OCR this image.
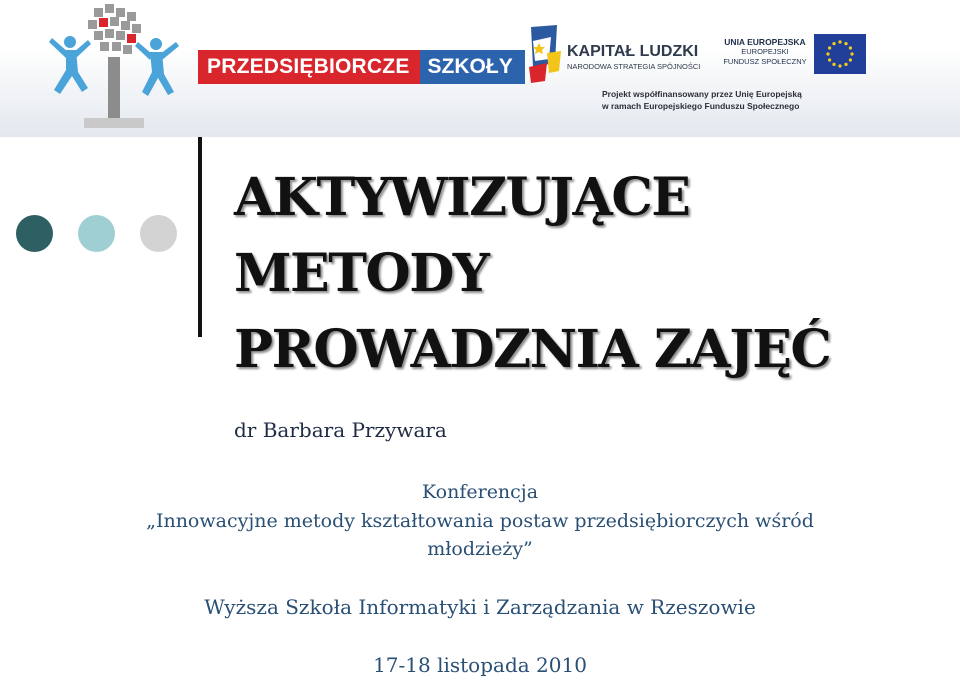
PRZEDSIĘBIORCZE SZKOŁY
KAPITAŁ LUDZKI
NARODOWA STRATEGIA SPÓJNOŚCI
UNIA EUROPEJSKA
EUROPEJSKI
FUNDUSZ SPOŁECZNY
Projekt współfinansowany przez Unię Europejską
w ramach Europejskiego Funduszu Społecznego
AKTYWIZUJĄCE
METODY
PROWADZNIA ZAJĘĆ
dr Barbara Przywara
Konferencja
„Innowacyjne metody kształtowania postaw przedsiębiorczych wśród
młodzieży”
Wyższa Szkoła Informatyki i Zarządzania w Rzeszowie
17-18 listopada 2010
